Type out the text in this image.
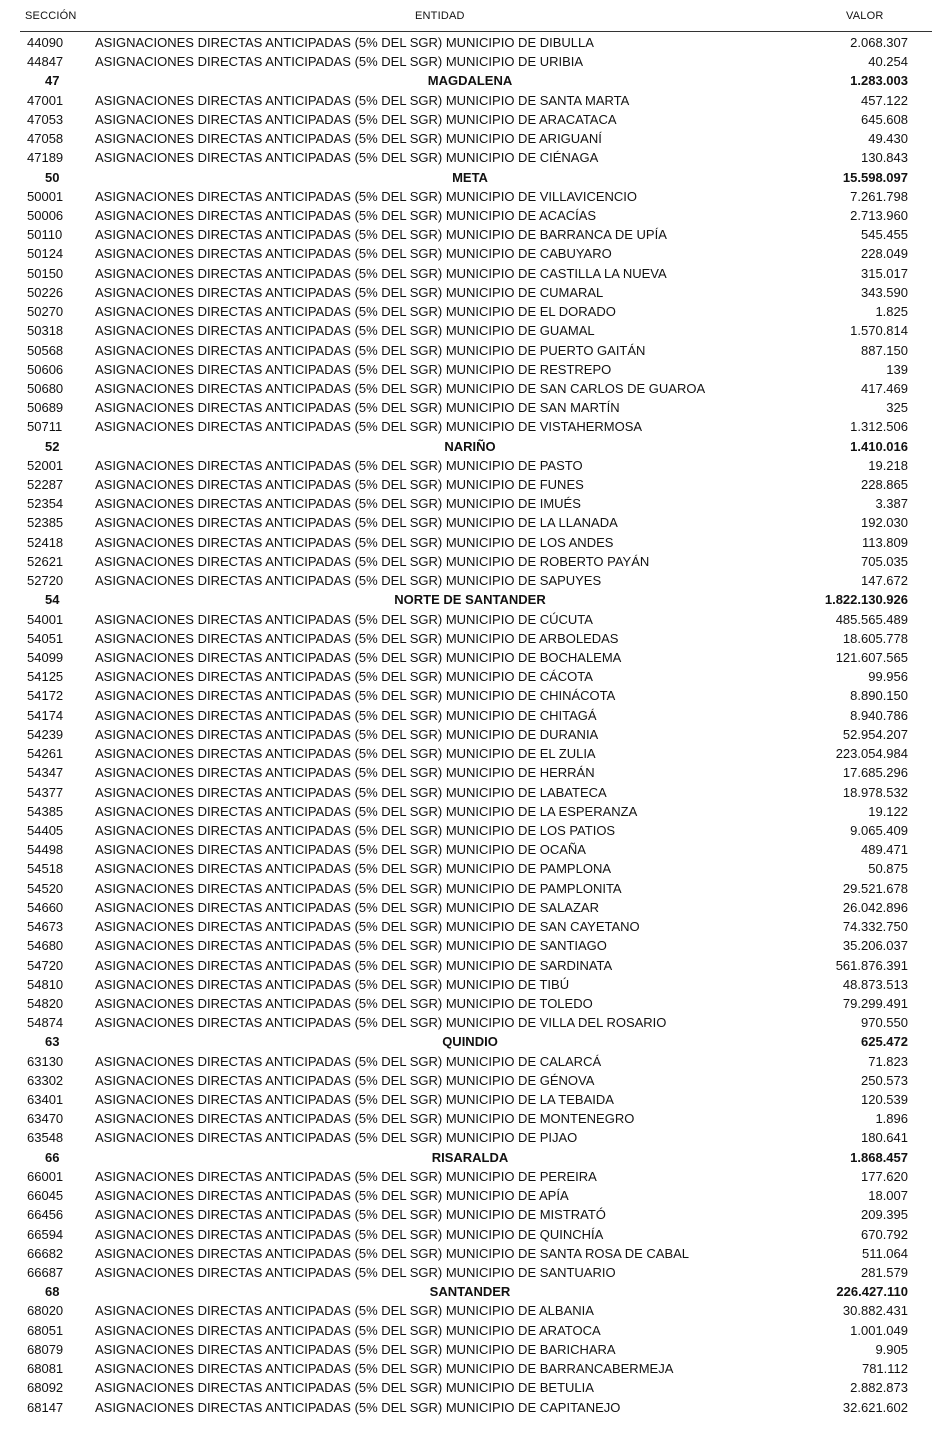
SECCIÓN	ENTIDAD	VALOR
44090	ASIGNACIONES DIRECTAS ANTICIPADAS (5% DEL SGR) MUNICIPIO DE DIBULLA	2.068.307
44847	ASIGNACIONES DIRECTAS ANTICIPADAS (5% DEL SGR) MUNICIPIO DE URIBIA	40.254
47	MAGDALENA	1.283.003
47001	ASIGNACIONES DIRECTAS ANTICIPADAS (5% DEL SGR) MUNICIPIO DE SANTA MARTA	457.122
47053	ASIGNACIONES DIRECTAS ANTICIPADAS (5% DEL SGR) MUNICIPIO DE ARACATACA	645.608
47058	ASIGNACIONES DIRECTAS ANTICIPADAS (5% DEL SGR) MUNICIPIO DE ARIGUANÍ	49.430
47189	ASIGNACIONES DIRECTAS ANTICIPADAS (5% DEL SGR) MUNICIPIO DE CIÉNAGA	130.843
50	META	15.598.097
50001	ASIGNACIONES DIRECTAS ANTICIPADAS (5% DEL SGR) MUNICIPIO DE VILLAVICENCIO	7.261.798
50006	ASIGNACIONES DIRECTAS ANTICIPADAS (5% DEL SGR) MUNICIPIO DE ACACÍAS	2.713.960
50110	ASIGNACIONES DIRECTAS ANTICIPADAS (5% DEL SGR) MUNICIPIO DE BARRANCA DE UPÍA	545.455
50124	ASIGNACIONES DIRECTAS ANTICIPADAS (5% DEL SGR) MUNICIPIO DE CABUYARO	228.049
50150	ASIGNACIONES DIRECTAS ANTICIPADAS (5% DEL SGR) MUNICIPIO DE CASTILLA LA NUEVA	315.017
50226	ASIGNACIONES DIRECTAS ANTICIPADAS (5% DEL SGR) MUNICIPIO DE CUMARAL	343.590
50270	ASIGNACIONES DIRECTAS ANTICIPADAS (5% DEL SGR) MUNICIPIO DE EL DORADO	1.825
50318	ASIGNACIONES DIRECTAS ANTICIPADAS (5% DEL SGR) MUNICIPIO DE GUAMAL	1.570.814
50568	ASIGNACIONES DIRECTAS ANTICIPADAS (5% DEL SGR) MUNICIPIO DE PUERTO GAITÁN	887.150
50606	ASIGNACIONES DIRECTAS ANTICIPADAS (5% DEL SGR) MUNICIPIO DE RESTREPO	139
50680	ASIGNACIONES DIRECTAS ANTICIPADAS (5% DEL SGR) MUNICIPIO DE SAN CARLOS DE GUAROA	417.469
50689	ASIGNACIONES DIRECTAS ANTICIPADAS (5% DEL SGR) MUNICIPIO DE SAN MARTÍN	325
50711	ASIGNACIONES DIRECTAS ANTICIPADAS (5% DEL SGR) MUNICIPIO DE VISTAHERMOSA	1.312.506
52	NARIÑO	1.410.016
52001	ASIGNACIONES DIRECTAS ANTICIPADAS (5% DEL SGR) MUNICIPIO DE PASTO	19.218
52287	ASIGNACIONES DIRECTAS ANTICIPADAS (5% DEL SGR) MUNICIPIO DE FUNES	228.865
52354	ASIGNACIONES DIRECTAS ANTICIPADAS (5% DEL SGR) MUNICIPIO DE IMUÉS	3.387
52385	ASIGNACIONES DIRECTAS ANTICIPADAS (5% DEL SGR) MUNICIPIO DE LA LLANADA	192.030
52418	ASIGNACIONES DIRECTAS ANTICIPADAS (5% DEL SGR) MUNICIPIO DE LOS ANDES	113.809
52621	ASIGNACIONES DIRECTAS ANTICIPADAS (5% DEL SGR) MUNICIPIO DE ROBERTO PAYÁN	705.035
52720	ASIGNACIONES DIRECTAS ANTICIPADAS (5% DEL SGR) MUNICIPIO DE SAPUYES	147.672
54	NORTE DE SANTANDER	1.822.130.926
54001	ASIGNACIONES DIRECTAS ANTICIPADAS (5% DEL SGR) MUNICIPIO DE CÚCUTA	485.565.489
54051	ASIGNACIONES DIRECTAS ANTICIPADAS (5% DEL SGR) MUNICIPIO DE ARBOLEDAS	18.605.778
54099	ASIGNACIONES DIRECTAS ANTICIPADAS (5% DEL SGR) MUNICIPIO DE BOCHALEMA	121.607.565
54125	ASIGNACIONES DIRECTAS ANTICIPADAS (5% DEL SGR) MUNICIPIO DE CÁCOTA	99.956
54172	ASIGNACIONES DIRECTAS ANTICIPADAS (5% DEL SGR) MUNICIPIO DE CHINÁCOTA	8.890.150
54174	ASIGNACIONES DIRECTAS ANTICIPADAS (5% DEL SGR) MUNICIPIO DE CHITAGÁ	8.940.786
54239	ASIGNACIONES DIRECTAS ANTICIPADAS (5% DEL SGR) MUNICIPIO DE DURANIA	52.954.207
54261	ASIGNACIONES DIRECTAS ANTICIPADAS (5% DEL SGR) MUNICIPIO DE EL ZULIA	223.054.984
54347	ASIGNACIONES DIRECTAS ANTICIPADAS (5% DEL SGR) MUNICIPIO DE HERRÁN	17.685.296
54377	ASIGNACIONES DIRECTAS ANTICIPADAS (5% DEL SGR) MUNICIPIO DE LABATECA	18.978.532
54385	ASIGNACIONES DIRECTAS ANTICIPADAS (5% DEL SGR) MUNICIPIO DE LA ESPERANZA	19.122
54405	ASIGNACIONES DIRECTAS ANTICIPADAS (5% DEL SGR) MUNICIPIO DE LOS PATIOS	9.065.409
54498	ASIGNACIONES DIRECTAS ANTICIPADAS (5% DEL SGR) MUNICIPIO DE OCAÑA	489.471
54518	ASIGNACIONES DIRECTAS ANTICIPADAS (5% DEL SGR) MUNICIPIO DE PAMPLONA	50.875
54520	ASIGNACIONES DIRECTAS ANTICIPADAS (5% DEL SGR) MUNICIPIO DE PAMPLONITA	29.521.678
54660	ASIGNACIONES DIRECTAS ANTICIPADAS (5% DEL SGR) MUNICIPIO DE SALAZAR	26.042.896
54673	ASIGNACIONES DIRECTAS ANTICIPADAS (5% DEL SGR) MUNICIPIO DE SAN CAYETANO	74.332.750
54680	ASIGNACIONES DIRECTAS ANTICIPADAS (5% DEL SGR) MUNICIPIO DE SANTIAGO	35.206.037
54720	ASIGNACIONES DIRECTAS ANTICIPADAS (5% DEL SGR) MUNICIPIO DE SARDINATA	561.876.391
54810	ASIGNACIONES DIRECTAS ANTICIPADAS (5% DEL SGR) MUNICIPIO DE TIBÚ	48.873.513
54820	ASIGNACIONES DIRECTAS ANTICIPADAS (5% DEL SGR) MUNICIPIO DE TOLEDO	79.299.491
54874	ASIGNACIONES DIRECTAS ANTICIPADAS (5% DEL SGR) MUNICIPIO DE VILLA DEL ROSARIO	970.550
63	QUINDIO	625.472
63130	ASIGNACIONES DIRECTAS ANTICIPADAS (5% DEL SGR) MUNICIPIO DE CALARCÁ	71.823
63302	ASIGNACIONES DIRECTAS ANTICIPADAS (5% DEL SGR) MUNICIPIO DE GÉNOVA	250.573
63401	ASIGNACIONES DIRECTAS ANTICIPADAS (5% DEL SGR) MUNICIPIO DE LA TEBAIDA	120.539
63470	ASIGNACIONES DIRECTAS ANTICIPADAS (5% DEL SGR) MUNICIPIO DE MONTENEGRO	1.896
63548	ASIGNACIONES DIRECTAS ANTICIPADAS (5% DEL SGR) MUNICIPIO DE PIJAO	180.641
66	RISARALDA	1.868.457
66001	ASIGNACIONES DIRECTAS ANTICIPADAS (5% DEL SGR) MUNICIPIO DE PEREIRA	177.620
66045	ASIGNACIONES DIRECTAS ANTICIPADAS (5% DEL SGR) MUNICIPIO DE APÍA	18.007
66456	ASIGNACIONES DIRECTAS ANTICIPADAS (5% DEL SGR) MUNICIPIO DE MISTRATÓ	209.395
66594	ASIGNACIONES DIRECTAS ANTICIPADAS (5% DEL SGR) MUNICIPIO DE QUINCHÍA	670.792
66682	ASIGNACIONES DIRECTAS ANTICIPADAS (5% DEL SGR) MUNICIPIO DE SANTA ROSA DE CABAL	511.064
66687	ASIGNACIONES DIRECTAS ANTICIPADAS (5% DEL SGR) MUNICIPIO DE SANTUARIO	281.579
68	SANTANDER	226.427.110
68020	ASIGNACIONES DIRECTAS ANTICIPADAS (5% DEL SGR) MUNICIPIO DE ALBANIA	30.882.431
68051	ASIGNACIONES DIRECTAS ANTICIPADAS (5% DEL SGR) MUNICIPIO DE ARATOCA	1.001.049
68079	ASIGNACIONES DIRECTAS ANTICIPADAS (5% DEL SGR) MUNICIPIO DE BARICHARA	9.905
68081	ASIGNACIONES DIRECTAS ANTICIPADAS (5% DEL SGR) MUNICIPIO DE BARRANCABERMEJA	781.112
68092	ASIGNACIONES DIRECTAS ANTICIPADAS (5% DEL SGR) MUNICIPIO DE BETULIA	2.882.873
68147	ASIGNACIONES DIRECTAS ANTICIPADAS (5% DEL SGR) MUNICIPIO DE CAPITANEJO	32.621.602
